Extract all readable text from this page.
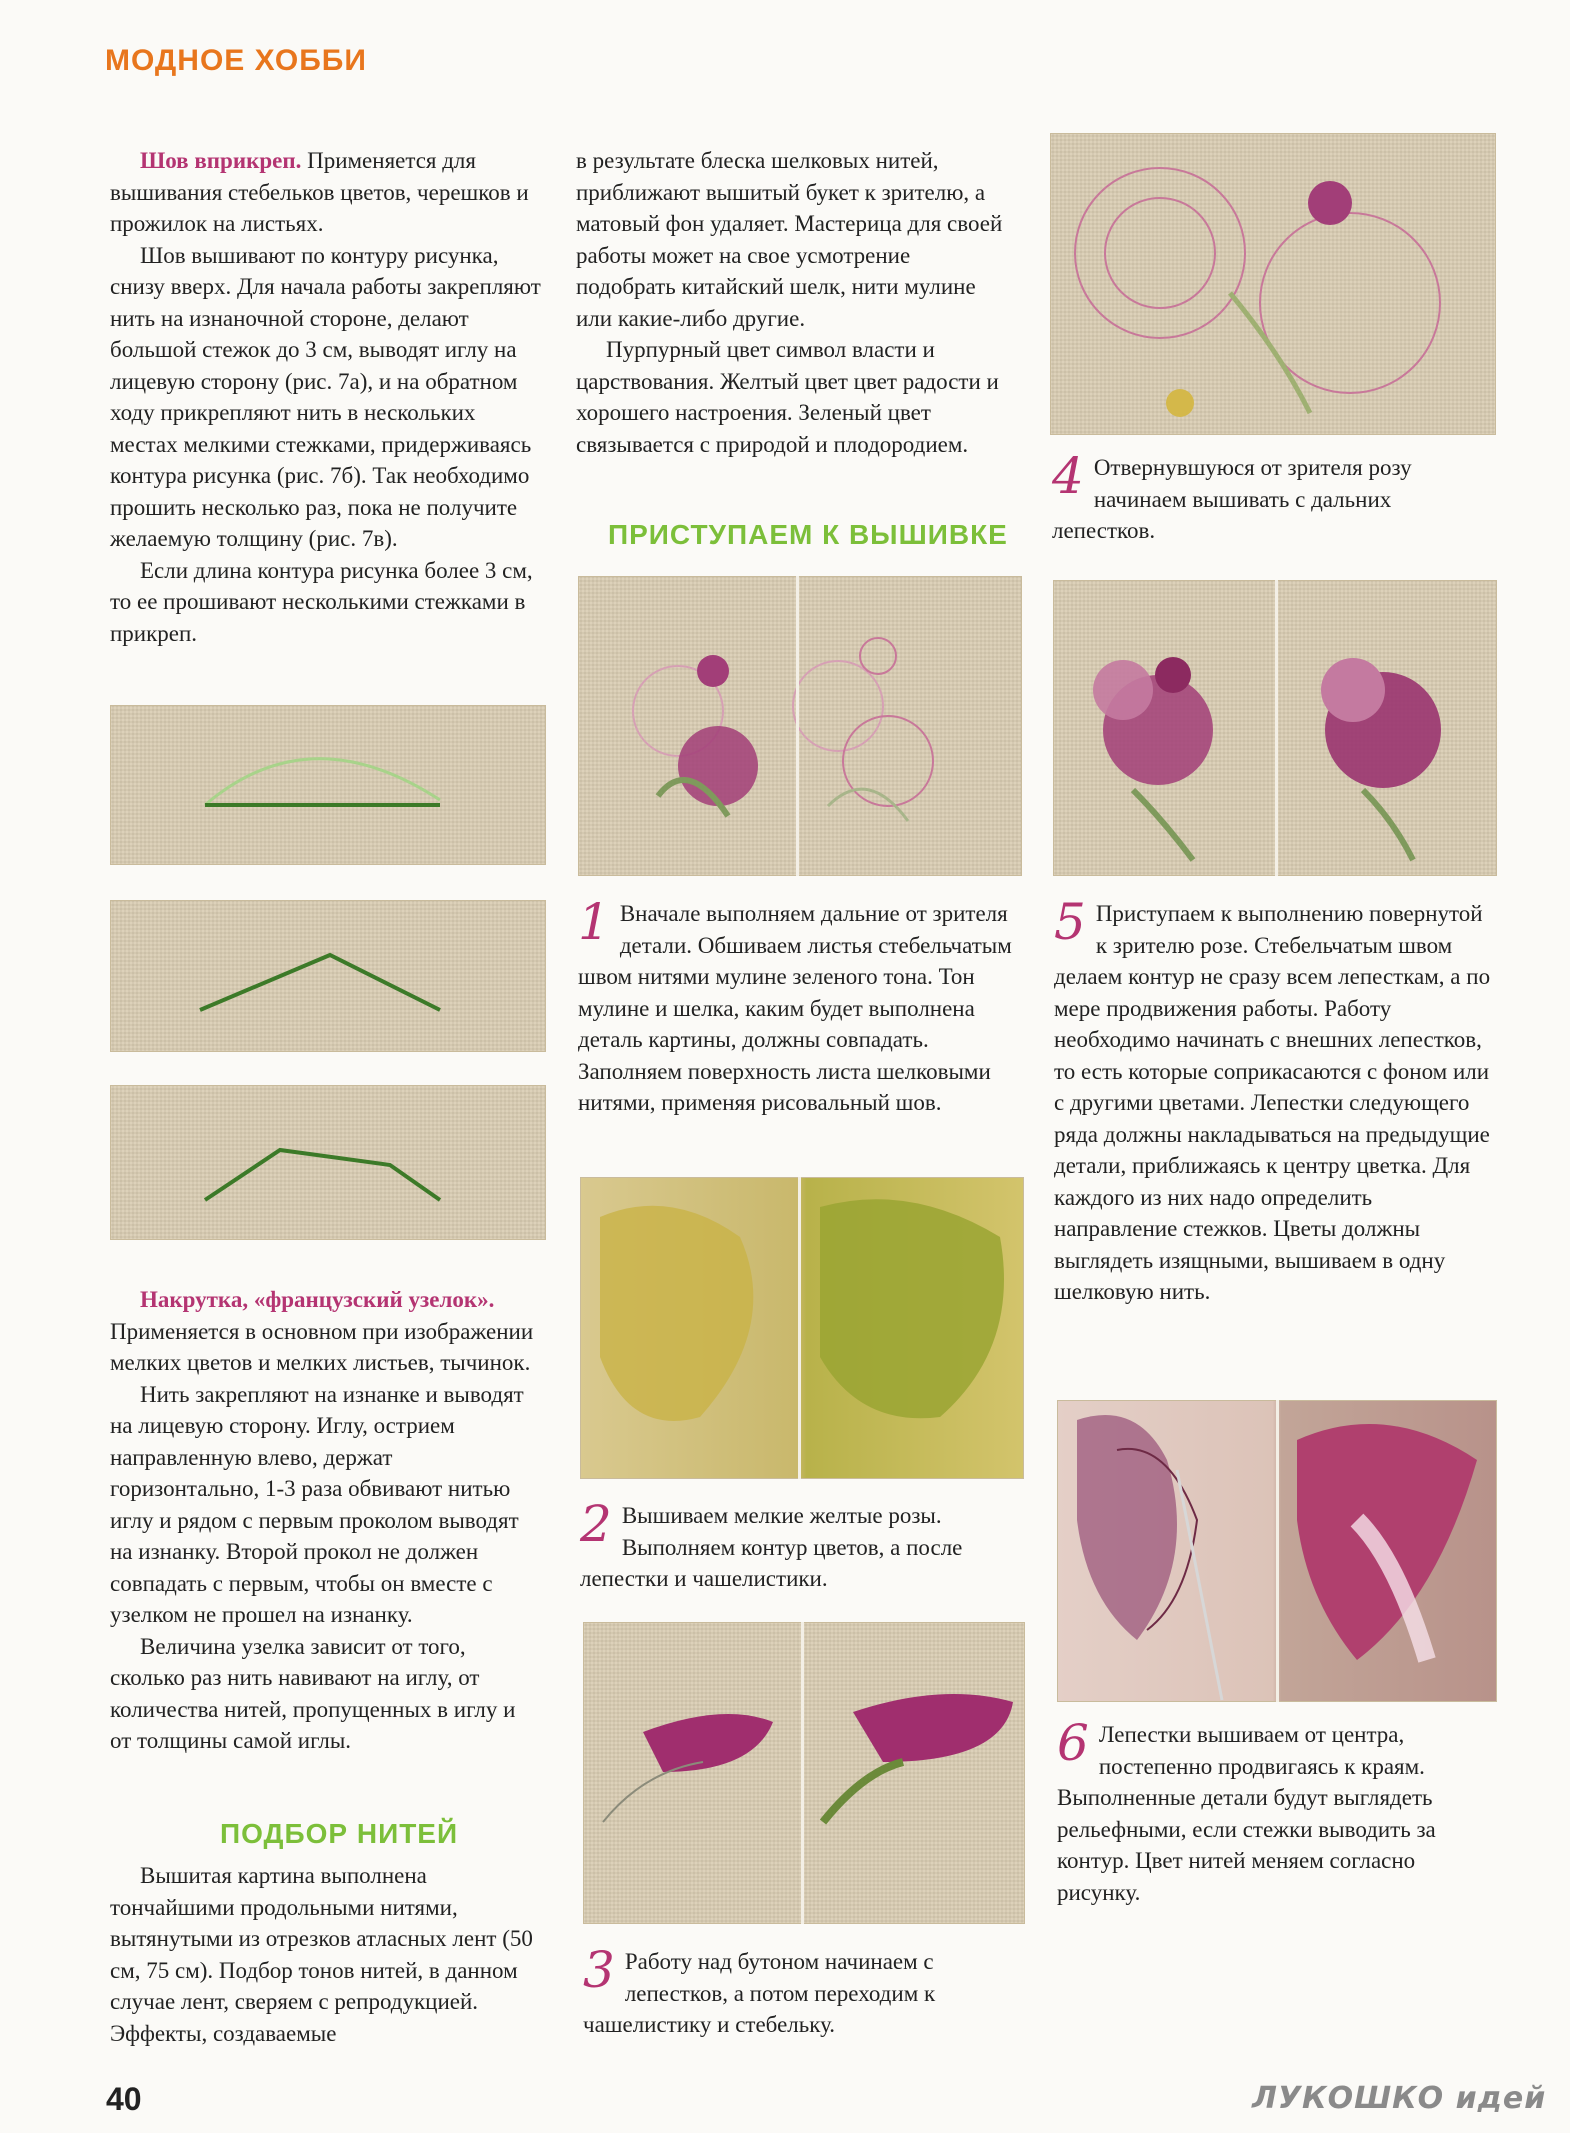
МОДНОЕ ХОББИ

Шов вприкреп. Применяется для вышивания стебельков цветов, черешков и прожилок на листьях.

Шов вышивают по контуру рисунка, снизу вверх. Для начала работы закрепляют нить на изнаночной стороне, делают большой стежок до 3 см, выводят иглу на лицевую сторону (рис. 7а), и на обратном ходу прикрепляют нить в нескольких местах мелкими стежками, придерживаясь контура рисунка (рис. 7б). Так необходимо прошить несколько раз, пока не получите желаемую толщину (рис. 7в).

Если длина контура рисунка более 3 см, то ее прошивают несколькими стежками в прикреп.

Накрутка, «французский узелок». Применяется в основном при изображении мелких цветов и мелких листьев, тычинок.

Нить закрепляют на изнанке и выводят на лицевую сторону. Иглу, острием направленную влево, держат горизонтально, 1-3 раза обвивают нитью иглу и рядом с первым проколом выводят на изнанку. Второй прокол не должен совпадать с первым, чтобы он вместе с узелком не прошел на изнанку.

Величина узелка зависит от того, сколько раз нить навивают на иглу, от количества нитей, пропущенных в иглу и от толщины самой иглы.

ПОДБОР НИТЕЙ

Вышитая картина выполнена тончайшими продольными нитями, вытянутыми из отрезков атласных лент (50 см, 75 см). Подбор тонов нитей, в данном случае лент, сверяем с репродукцией. Эффекты, создаваемые

в результате блеска шелковых нитей, приближают вышитый букет к зрителю, а матовый фон удаляет. Мастерица для своей работы может на свое усмотрение подобрать китайский шелк, нити мулине или какие-либо другие.

Пурпурный цвет символ власти и царствования. Желтый цвет цвет радости и хорошего настроения. Зеленый цвет связывается с природой и плодородием.

ПРИСТУПАЕМ К ВЫШИВКЕ
1 Вначале выполняем дальние от зрителя детали. Обшиваем листья стебельчатым швом нитями мулине зеленого тона. Тон мулине и шелка, каким будет выполнена деталь картины, должны совпадать. Заполняем поверхность листа шелковыми нитями, применяя рисовальный шов.
2 Вышиваем мелкие желтые розы. Выполняем контур цветов, а после лепестки и чашелистики.
3 Работу над бутоном начинаем с лепестков, а потом переходим к чашелистику и стебельку.
4 Отвернувшуюся от зрителя розу начинаем вышивать с дальних лепестков.
5 Приступаем к выполнению повернутой к зрителю розе. Стебельчатым швом делаем контур не сразу всем лепесткам, а по мере продвижения работы. Работу необходимо начинать с внешних лепестков, то есть которые соприкасаются с фоном или с другими цветами. Лепестки следующего ряда должны накладываться на предыдущие детали, приближаясь к центру цветка. Для каждого из них надо определить направление стежков. Цветы должны выглядеть изящными, вышиваем в одну шелковую нить.
6 Лепестки вышиваем от центра, постепенно продвигаясь к краям. Выполненные детали будут выглядеть рельефными, если стежки выводить за контур. Цвет нитей меняем согласно рисунку.
40	ЛУКОШКО идей
